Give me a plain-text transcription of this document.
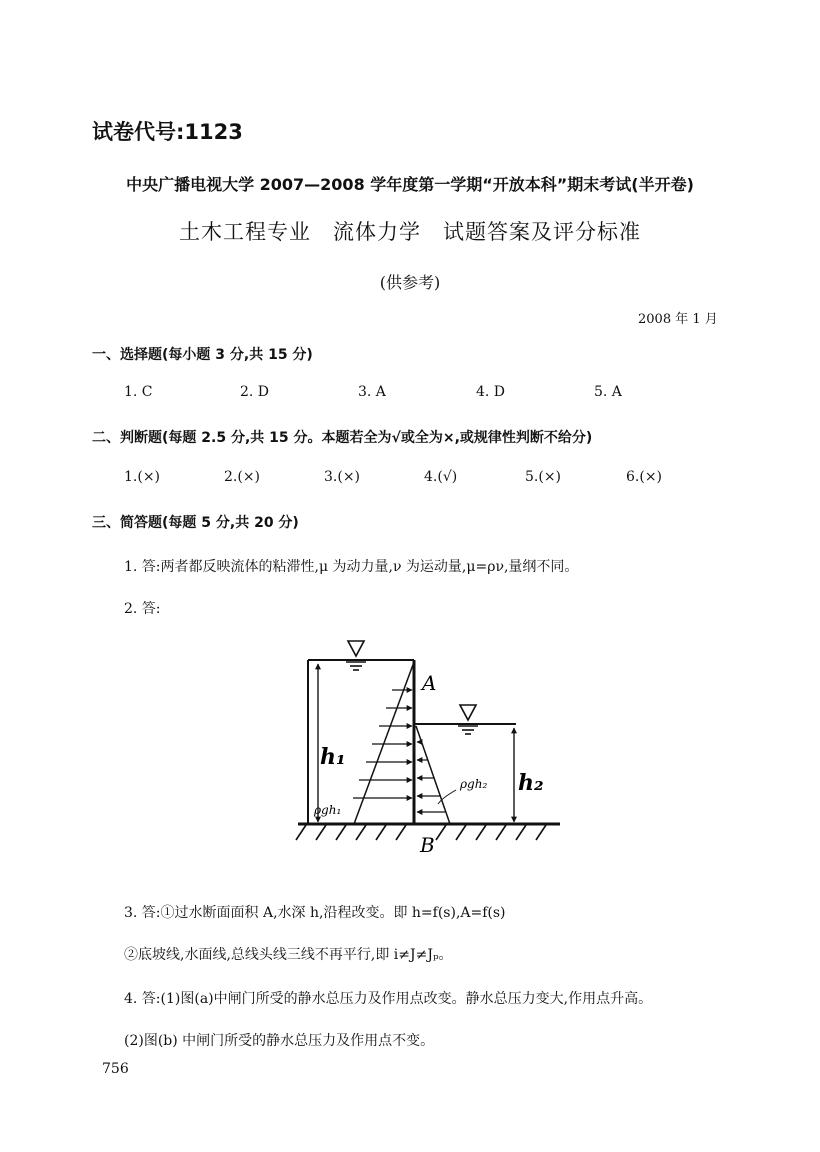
试卷代号:1123
中央广播电视大学 2007—2008 学年度第一学期“开放本科”期末考试(半开卷)
土木工程专业　流体力学　试题答案及评分标准
(供参考)
2008 年 1 月
一、选择题(每小题 3 分,共 15 分)
1. C	2. D	3. A	4. D	5. A
二、判断题(每题 2.5 分,共 15 分。本题若全为√或全为×,或规律性判断不给分)
1.(×)	2.(×)	3.(×)	4.(√)	5.(×)	6.(×)
三、简答题(每题 5 分,共 20 分)
1. 答:两者都反映流体的粘滞性,μ 为动力量,ν 为运动量,μ=ρν,量纲不同。
2. 答:
A
B
h₁
h₂
ρgh₁
ρgh₂
3. 答:①过水断面面积 A,水深 h,沿程改变。即 h=f(s),A=f(s)
②底坡线,水面线,总线头线三线不再平行,即 i≠J≠Jₚ。
4. 答:(1)图(a)中闸门所受的静水总压力及作用点改变。静水总压力变大,作用点升高。
(2)图(b) 中闸门所受的静水总压力及作用点不变。
756
